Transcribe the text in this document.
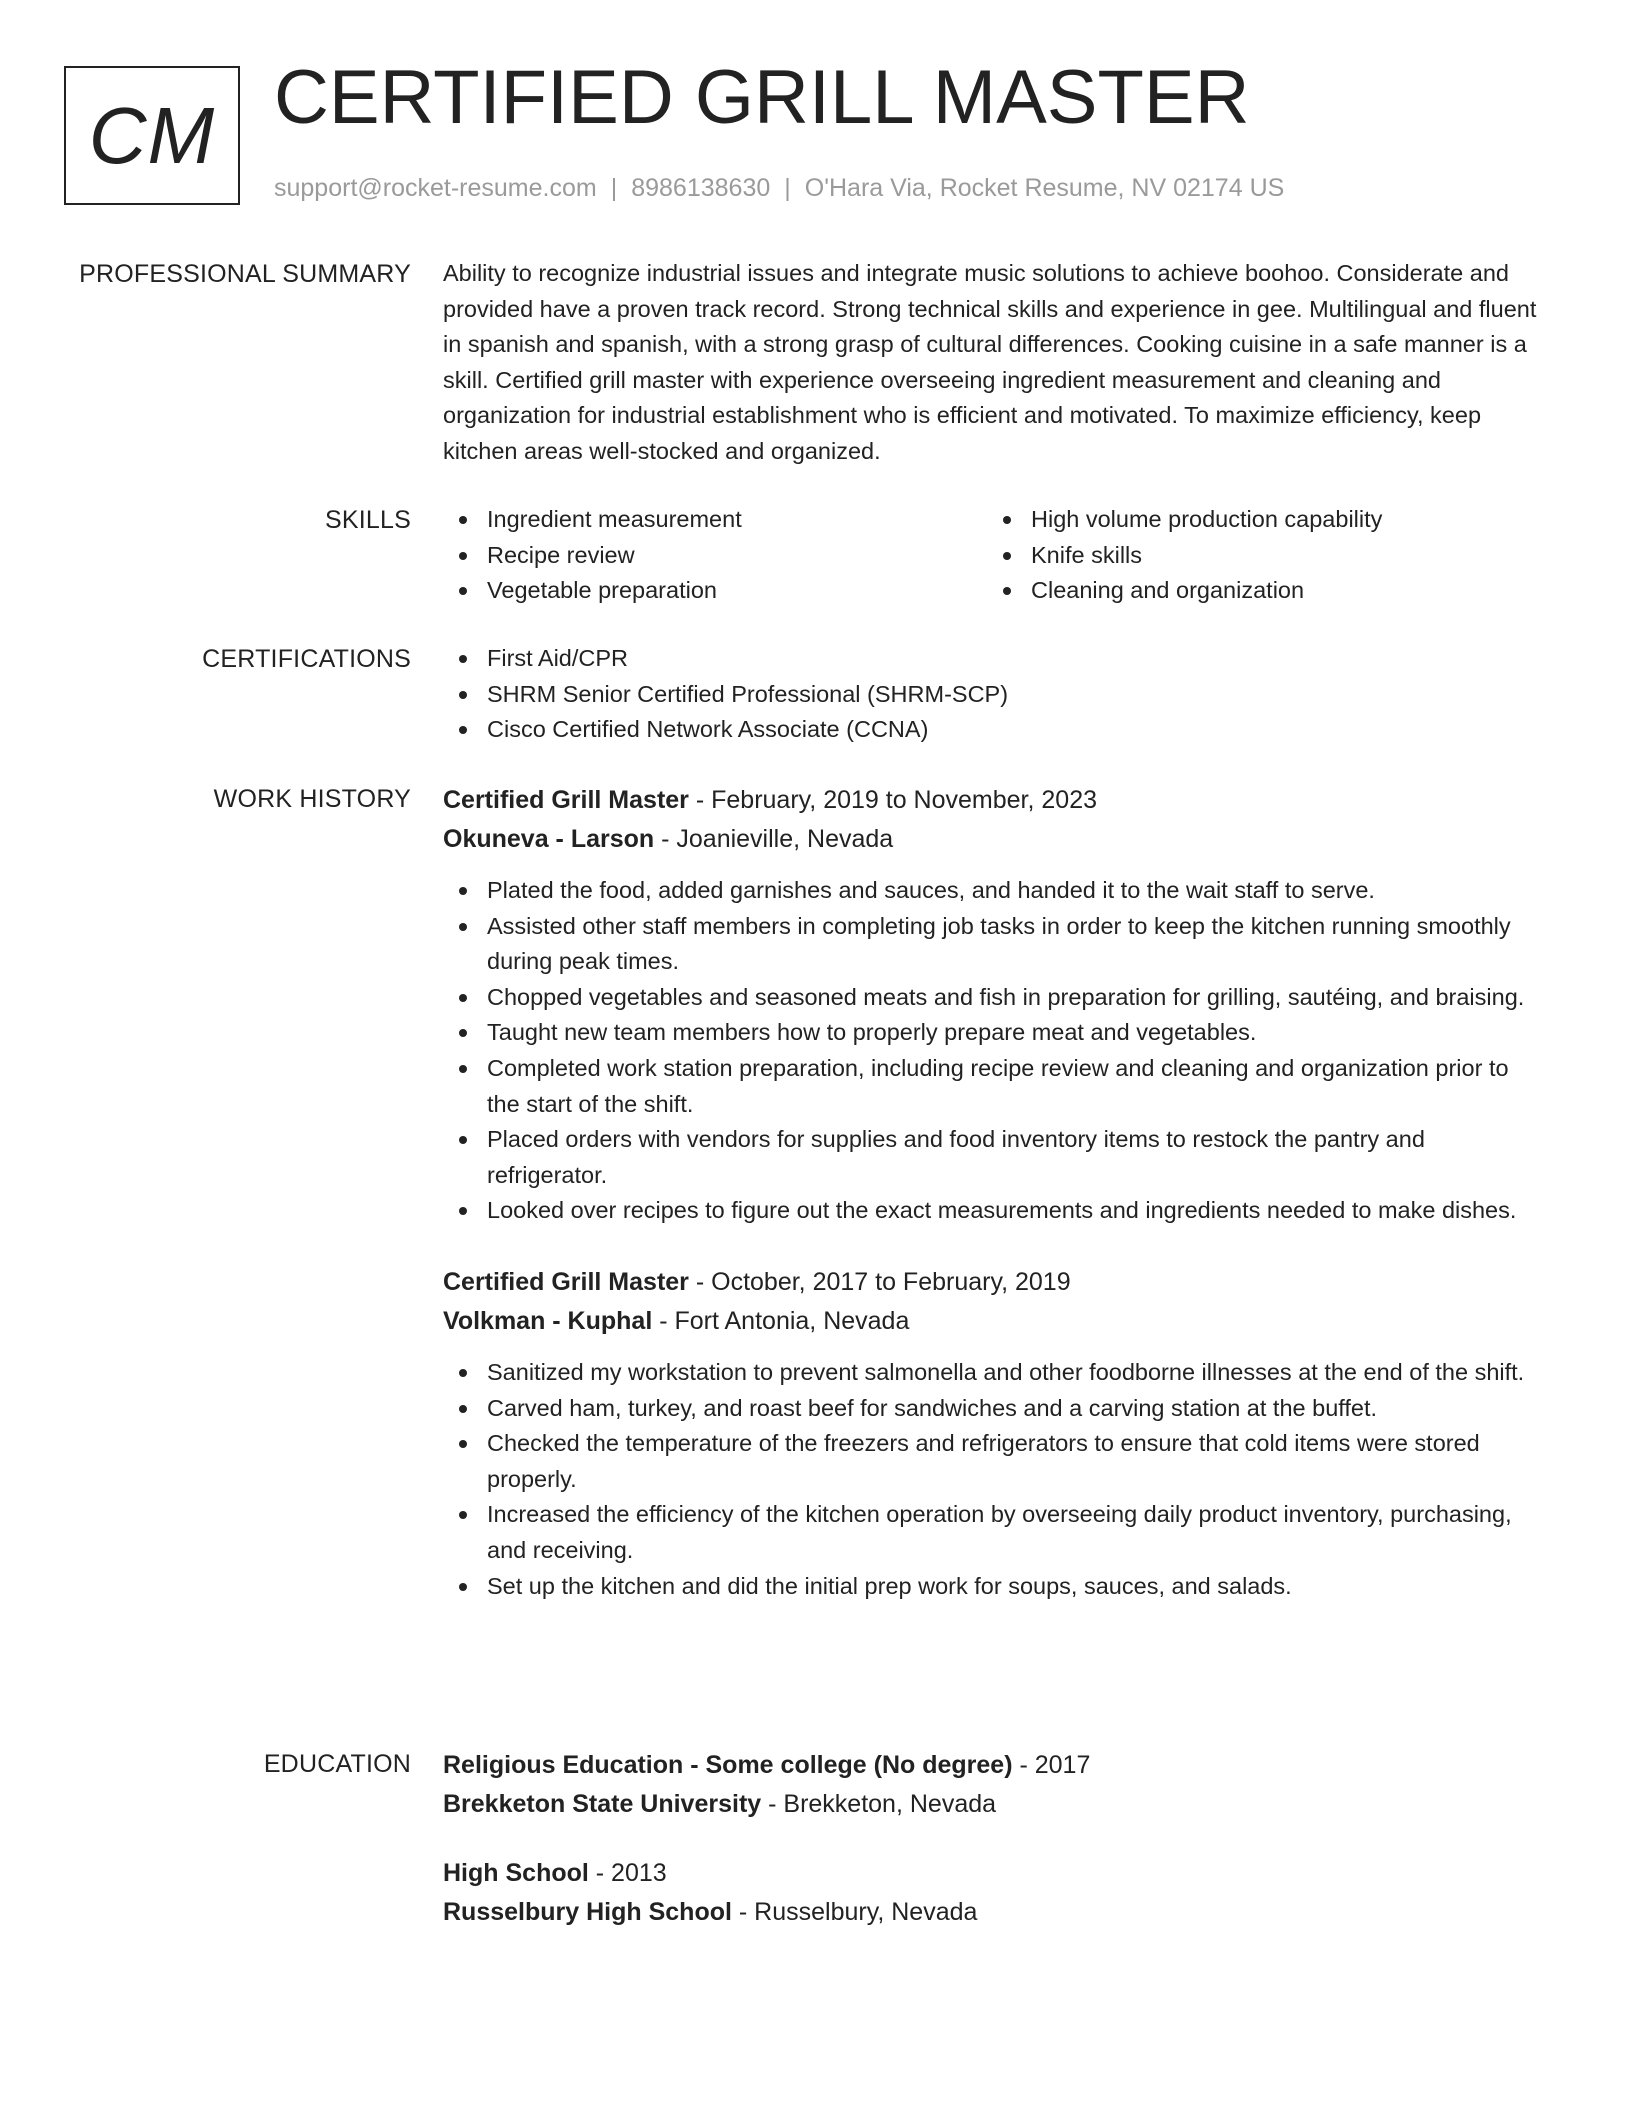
CM CERTIFIED GRILL MASTER
support@rocket-resume.com | 8986138630 | O'Hara Via, Rocket Resume, NV 02174 US
PROFESSIONAL SUMMARY Ability to recognize industrial issues and integrate music solutions to achieve boohoo. Considerate and provided have a proven track record. Strong technical skills and experience in gee. Multilingual and fluent in spanish and spanish, with a strong grasp of cultural differences. Cooking cuisine in a safe manner is a skill. Certified grill master with experience overseeing ingredient measurement and cleaning and organization for industrial establishment who is efficient and motivated. To maximize efficiency, keep kitchen areas well-stocked and organized.

SKILLS	Ingredient measurement
Recipe review
Vegetable preparation
High volume production capability
Knife skills
Cleaning and organization
CERTIFICATIONS	First Aid/CPR
SHRM Senior Certified Professional (SHRM-SCP)
Cisco Certified Network Associate (CCNA)
WORK HISTORY Certified Grill Master - February, 2019 to November, 2023
Okuneva - Larson - Joanieville, Nevada
Plated the food, added garnishes and sauces, and handed it to the wait staff to serve.
Assisted other staff members in completing job tasks in order to keep the kitchen running smoothly during peak times.
Chopped vegetables and seasoned meats and fish in preparation for grilling, sautéing, and braising.
Taught new team members how to properly prepare meat and vegetables.
Completed work station preparation, including recipe review and cleaning and organization prior to the start of the shift.
Placed orders with vendors for supplies and food inventory items to restock the pantry and refrigerator.
Looked over recipes to figure out the exact measurements and ingredients needed to make dishes.
Certified Grill Master - October, 2017 to February, 2019
Volkman - Kuphal - Fort Antonia, Nevada
Sanitized my workstation to prevent salmonella and other foodborne illnesses at the end of the shift.
Carved ham, turkey, and roast beef for sandwiches and a carving station at the buffet.
Checked the temperature of the freezers and refrigerators to ensure that cold items were stored properly.
Increased the efficiency of the kitchen operation by overseeing daily product inventory, purchasing, and receiving.
Set up the kitchen and did the initial prep work for soups, sauces, and salads.
EDUCATION Religious Education - Some college (No degree) - 2017
Brekketon State University - Brekketon, Nevada
High School - 2013
Russelbury High School - Russelbury, Nevada
